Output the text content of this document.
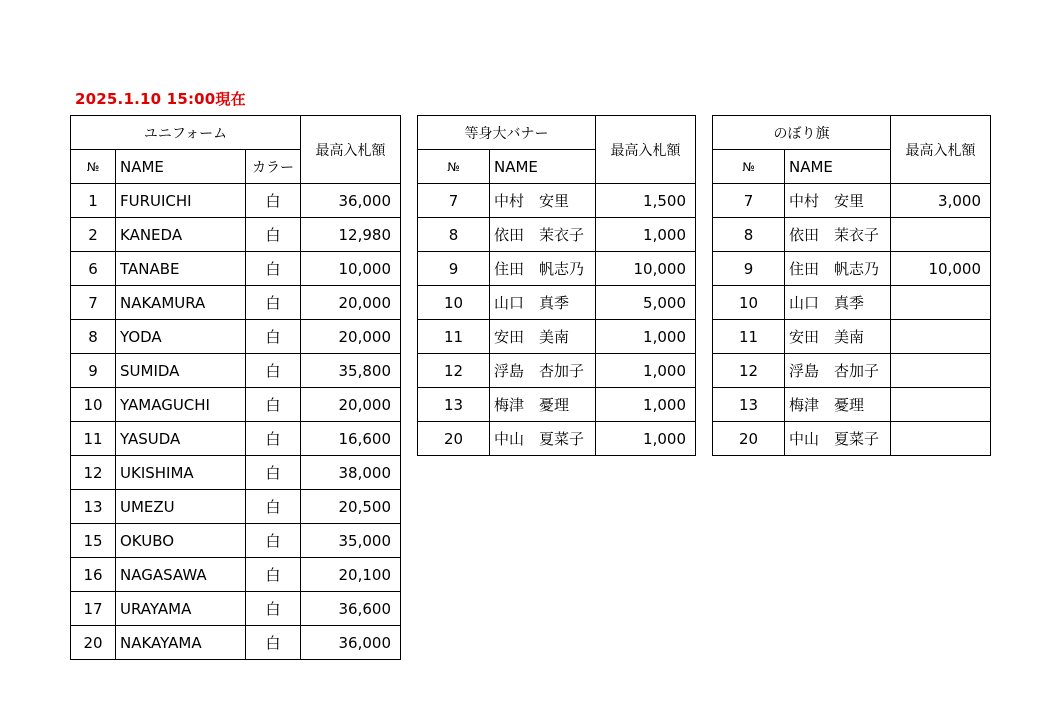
2025.1.10 15:00現在
ユニフォーム			最高入札額
№	NAME	カラー	
1	FURUICHI	白	36,000
2	KANEDA	白	12,980
6	TANABE	白	10,000
7	NAKAMURA	白	20,000
8	YODA	白	20,000
9	SUMIDA	白	35,800
10	YAMAGUCHI	白	20,000
11	YASUDA	白	16,600
12	UKISHIMA	白	38,000
13	UMEZU	白	20,500
15	OKUBO	白	35,000
16	NAGASAWA	白	20,100
17	URAYAMA	白	36,600
20	NAKAYAMA	白	36,000
等身大バナー		最高入札額
№	NAME	
7	中村　安里	1,500
8	依田　茉衣子	1,000
9	住田　帆志乃	10,000
10	山口　真季	5,000
11	安田　美南	1,000
12	浮島　杏加子	1,000
13	梅津　憂理	1,000
20	中山　夏菜子	1,000
のぼり旗		最高入札額
№	NAME	
7	中村　安里	3,000
8	依田　茉衣子	
9	住田　帆志乃	10,000
10	山口　真季	
11	安田　美南	
12	浮島　杏加子	
13	梅津　憂理	
20	中山　夏菜子	
